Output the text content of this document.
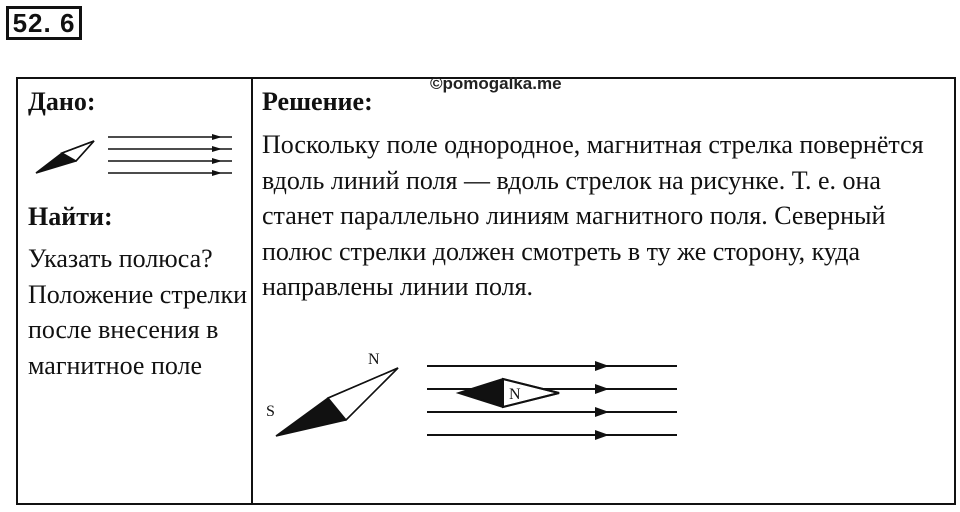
52. 6
Дано:
Найти:
Указать полюса? Положение стрелки после внесения в магнитное поле
Решение:
Поскольку поле однородное, магнитная стрелка повернётся вдоль линий поля — вдоль стрелок на рисунке. Т. е. она станет параллельно линиям магнитного поля. Северный полюс стрелки должен смотреть в ту же сторону, куда направлены линии поля.
©pomogalka.me
N
S
N
